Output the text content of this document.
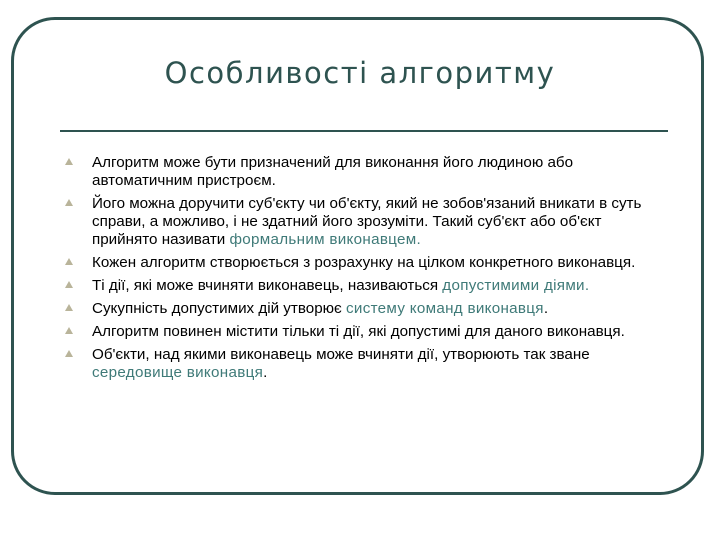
Особливості алгоритму
Алгоритм може бути призначений для виконання його людиною або автоматичним пристроєм.
Його можна доручити суб'єкту чи об'єкту, який не зобов'язаний вникати в суть справи, а можливо, і не здатний його зрозуміти. Такий суб'єкт або об'єкт прийнято називати формальним виконавцем.
Кожен алгоритм створюється з розрахунку на цілком конкретного виконавця.
Ті дії, які може вчиняти виконавець, називаються допустимими діями.
Сукупність допустимих дій утворює систему команд виконавця.
Алгоритм повинен містити тільки ті дії, які допустимі для даного виконавця.
Об'єкти, над якими виконавець може вчиняти дії, утворюють так зване середовище виконавця.
